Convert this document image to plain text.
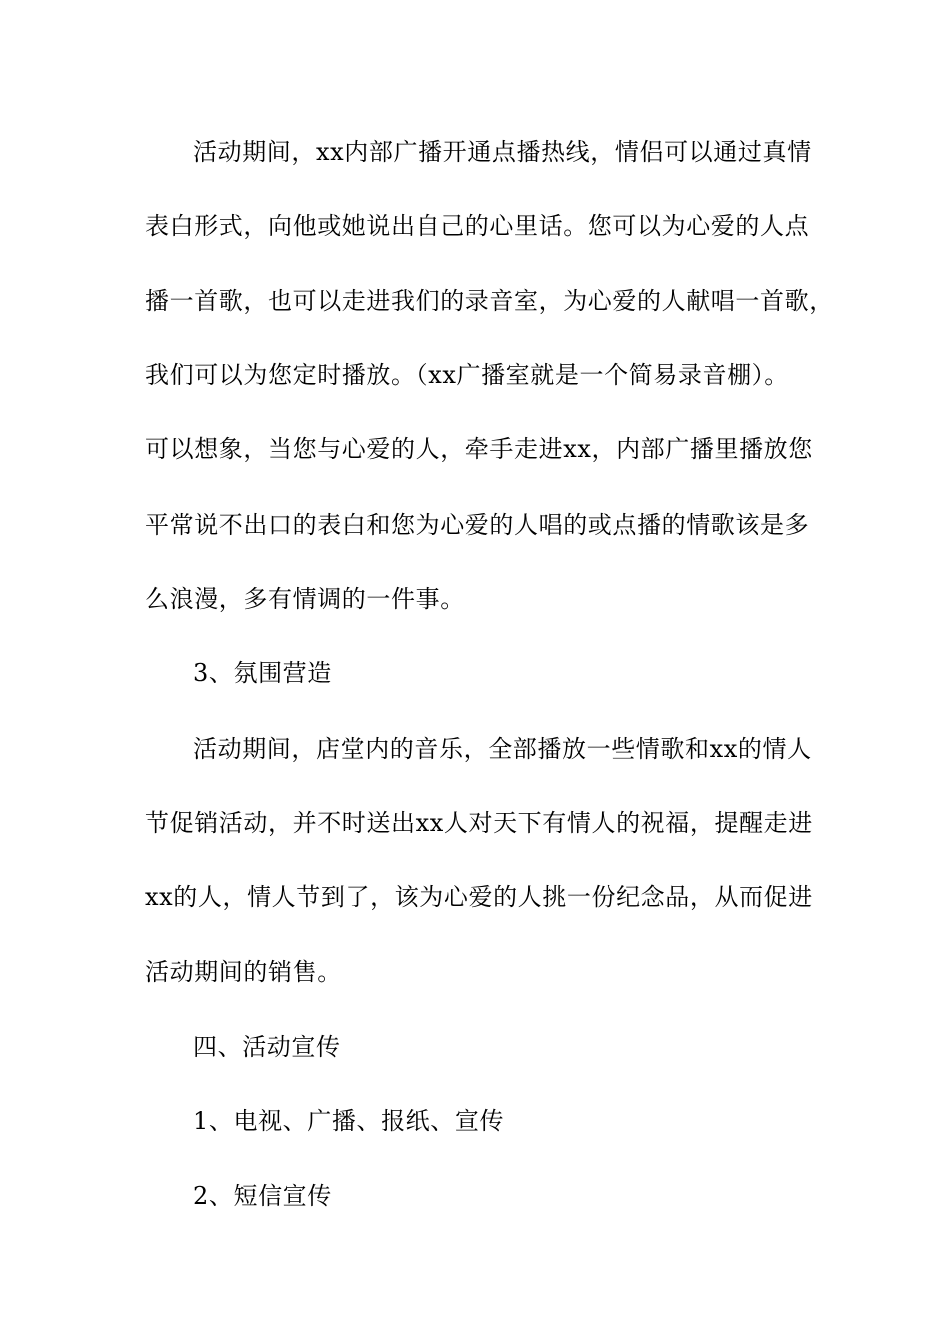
活动期间，xx内部广播开通点播热线，情侣可以通过真情
表白形式，向他或她说出自己的心里话。您可以为心爱的人点
播一首歌，也可以走进我们的录音室，为心爱的人献唱一首歌，
我们可以为您定时播放。（xx广播室就是一个简易录音棚）。
可以想象，当您与心爱的人，牵手走进xx，内部广播里播放您
平常说不出口的表白和您为心爱的人唱的或点播的情歌该是多
么浪漫，多有情调的一件事。
3、氛围营造
活动期间，店堂内的音乐，全部播放一些情歌和xx的情人
节促销活动，并不时送出xx人对天下有情人的祝福，提醒走进
xx的人，情人节到了，该为心爱的人挑一份纪念品，从而促进
活动期间的销售。
四、活动宣传
1、电视、广播、报纸、宣传
2、短信宣传
